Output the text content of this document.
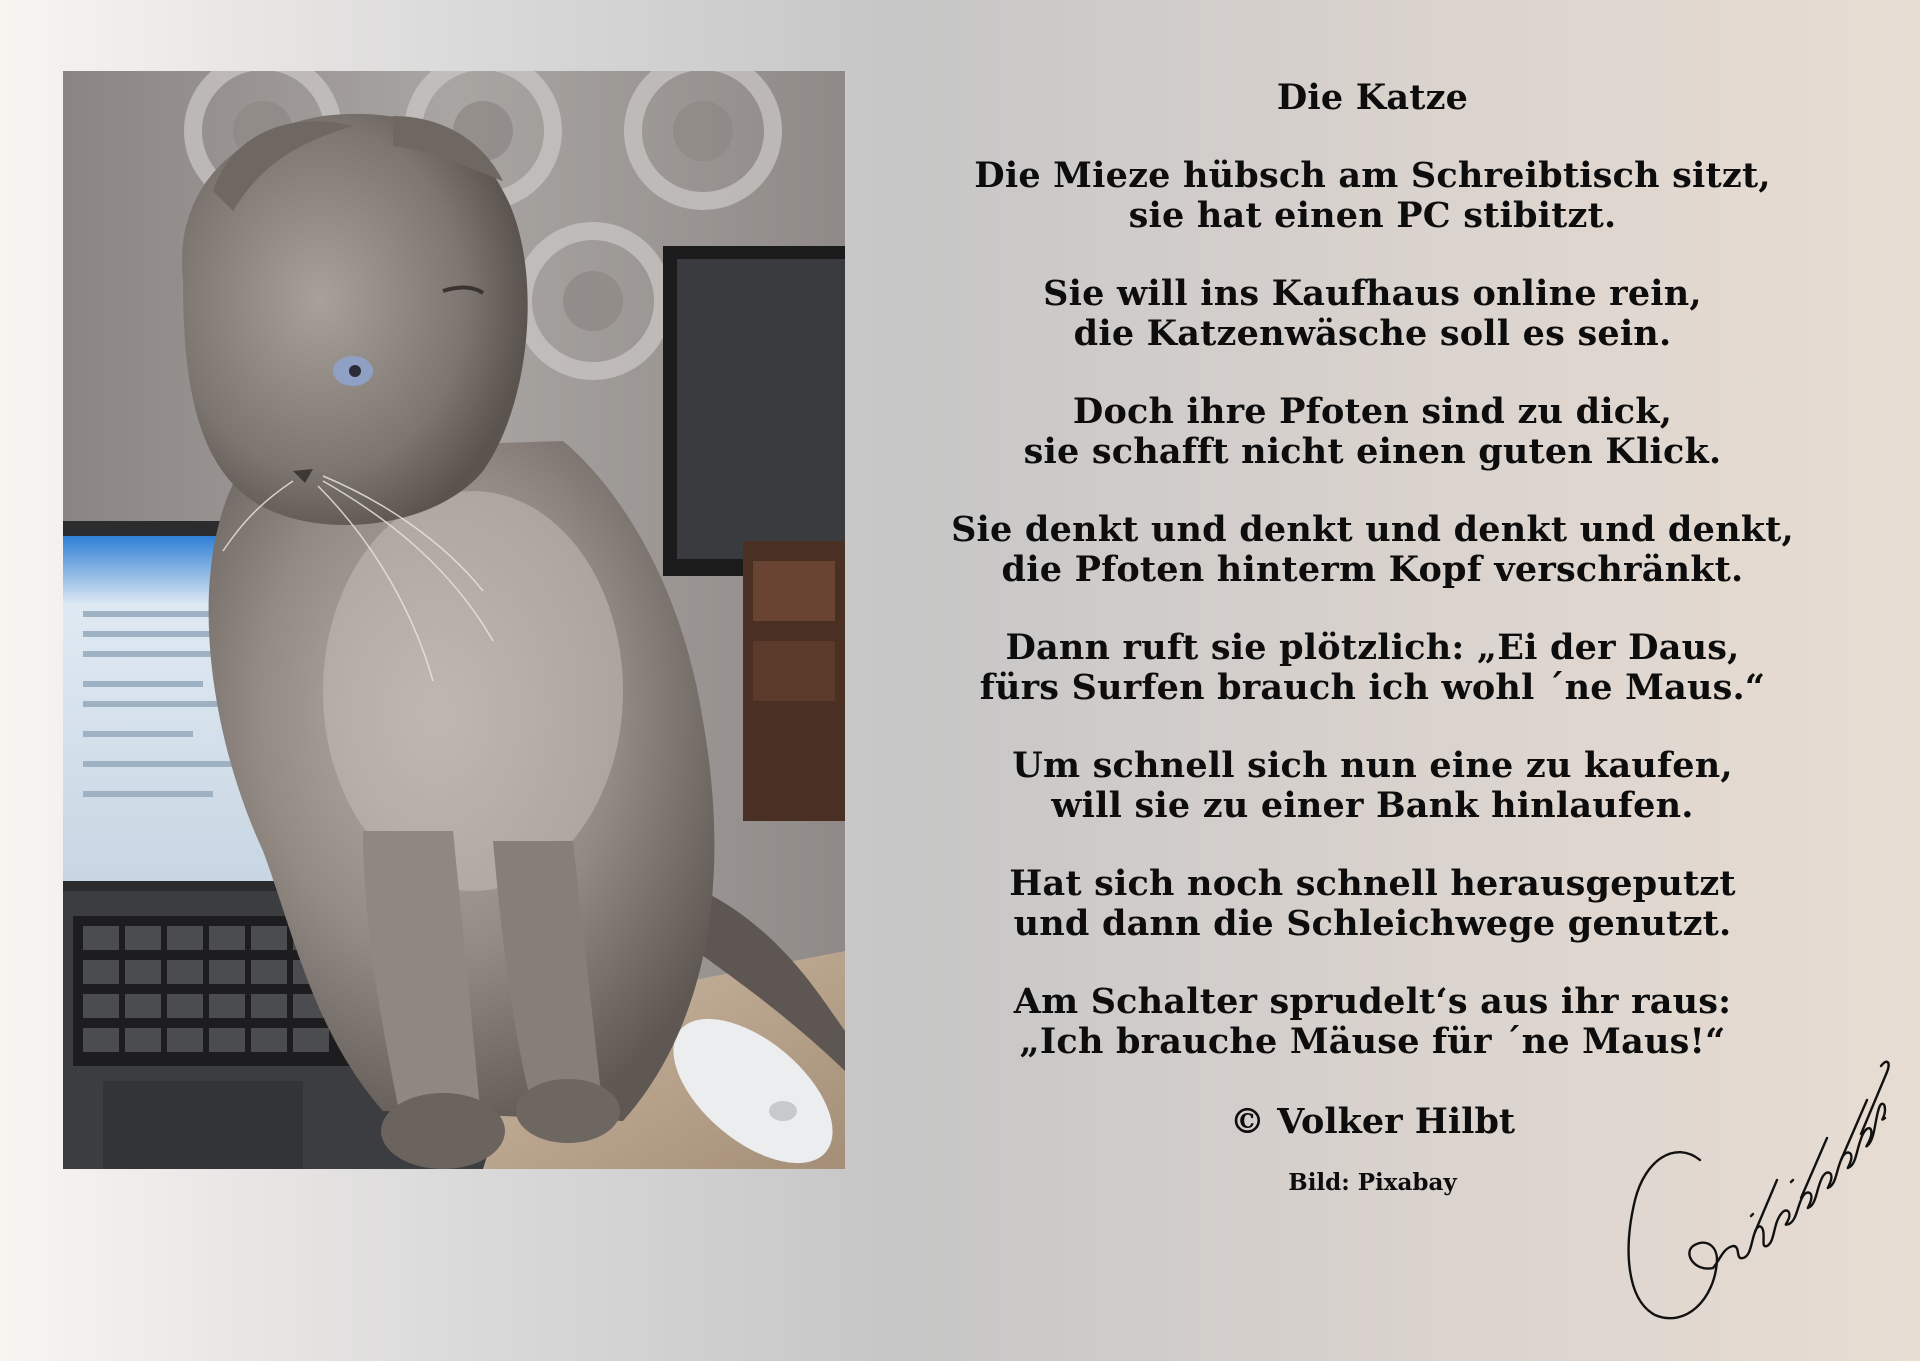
Die Katze
Die Mieze hübsch am Schreibtisch sitzt,
sie hat einen PC stibitzt.
Sie will ins Kaufhaus online rein,
die Katzenwäsche soll es sein.
Doch ihre Pfoten sind zu dick,
sie schafft nicht einen guten Klick.
Sie denkt und denkt und denkt und denkt,
die Pfoten hinterm Kopf verschränkt.
Dann ruft sie plötzlich: „Ei der Daus,
fürs Surfen brauch ich wohl ´ne Maus.“
Um schnell sich nun eine zu kaufen,
will sie zu einer Bank hinlaufen.
Hat sich noch schnell herausgeputzt
und dann die Schleichwege genutzt.
Am Schalter sprudelt‘s aus ihr raus:
„Ich brauche Mäuse für ´ne Maus!“
© Volker Hilbt
Bild: Pixabay
